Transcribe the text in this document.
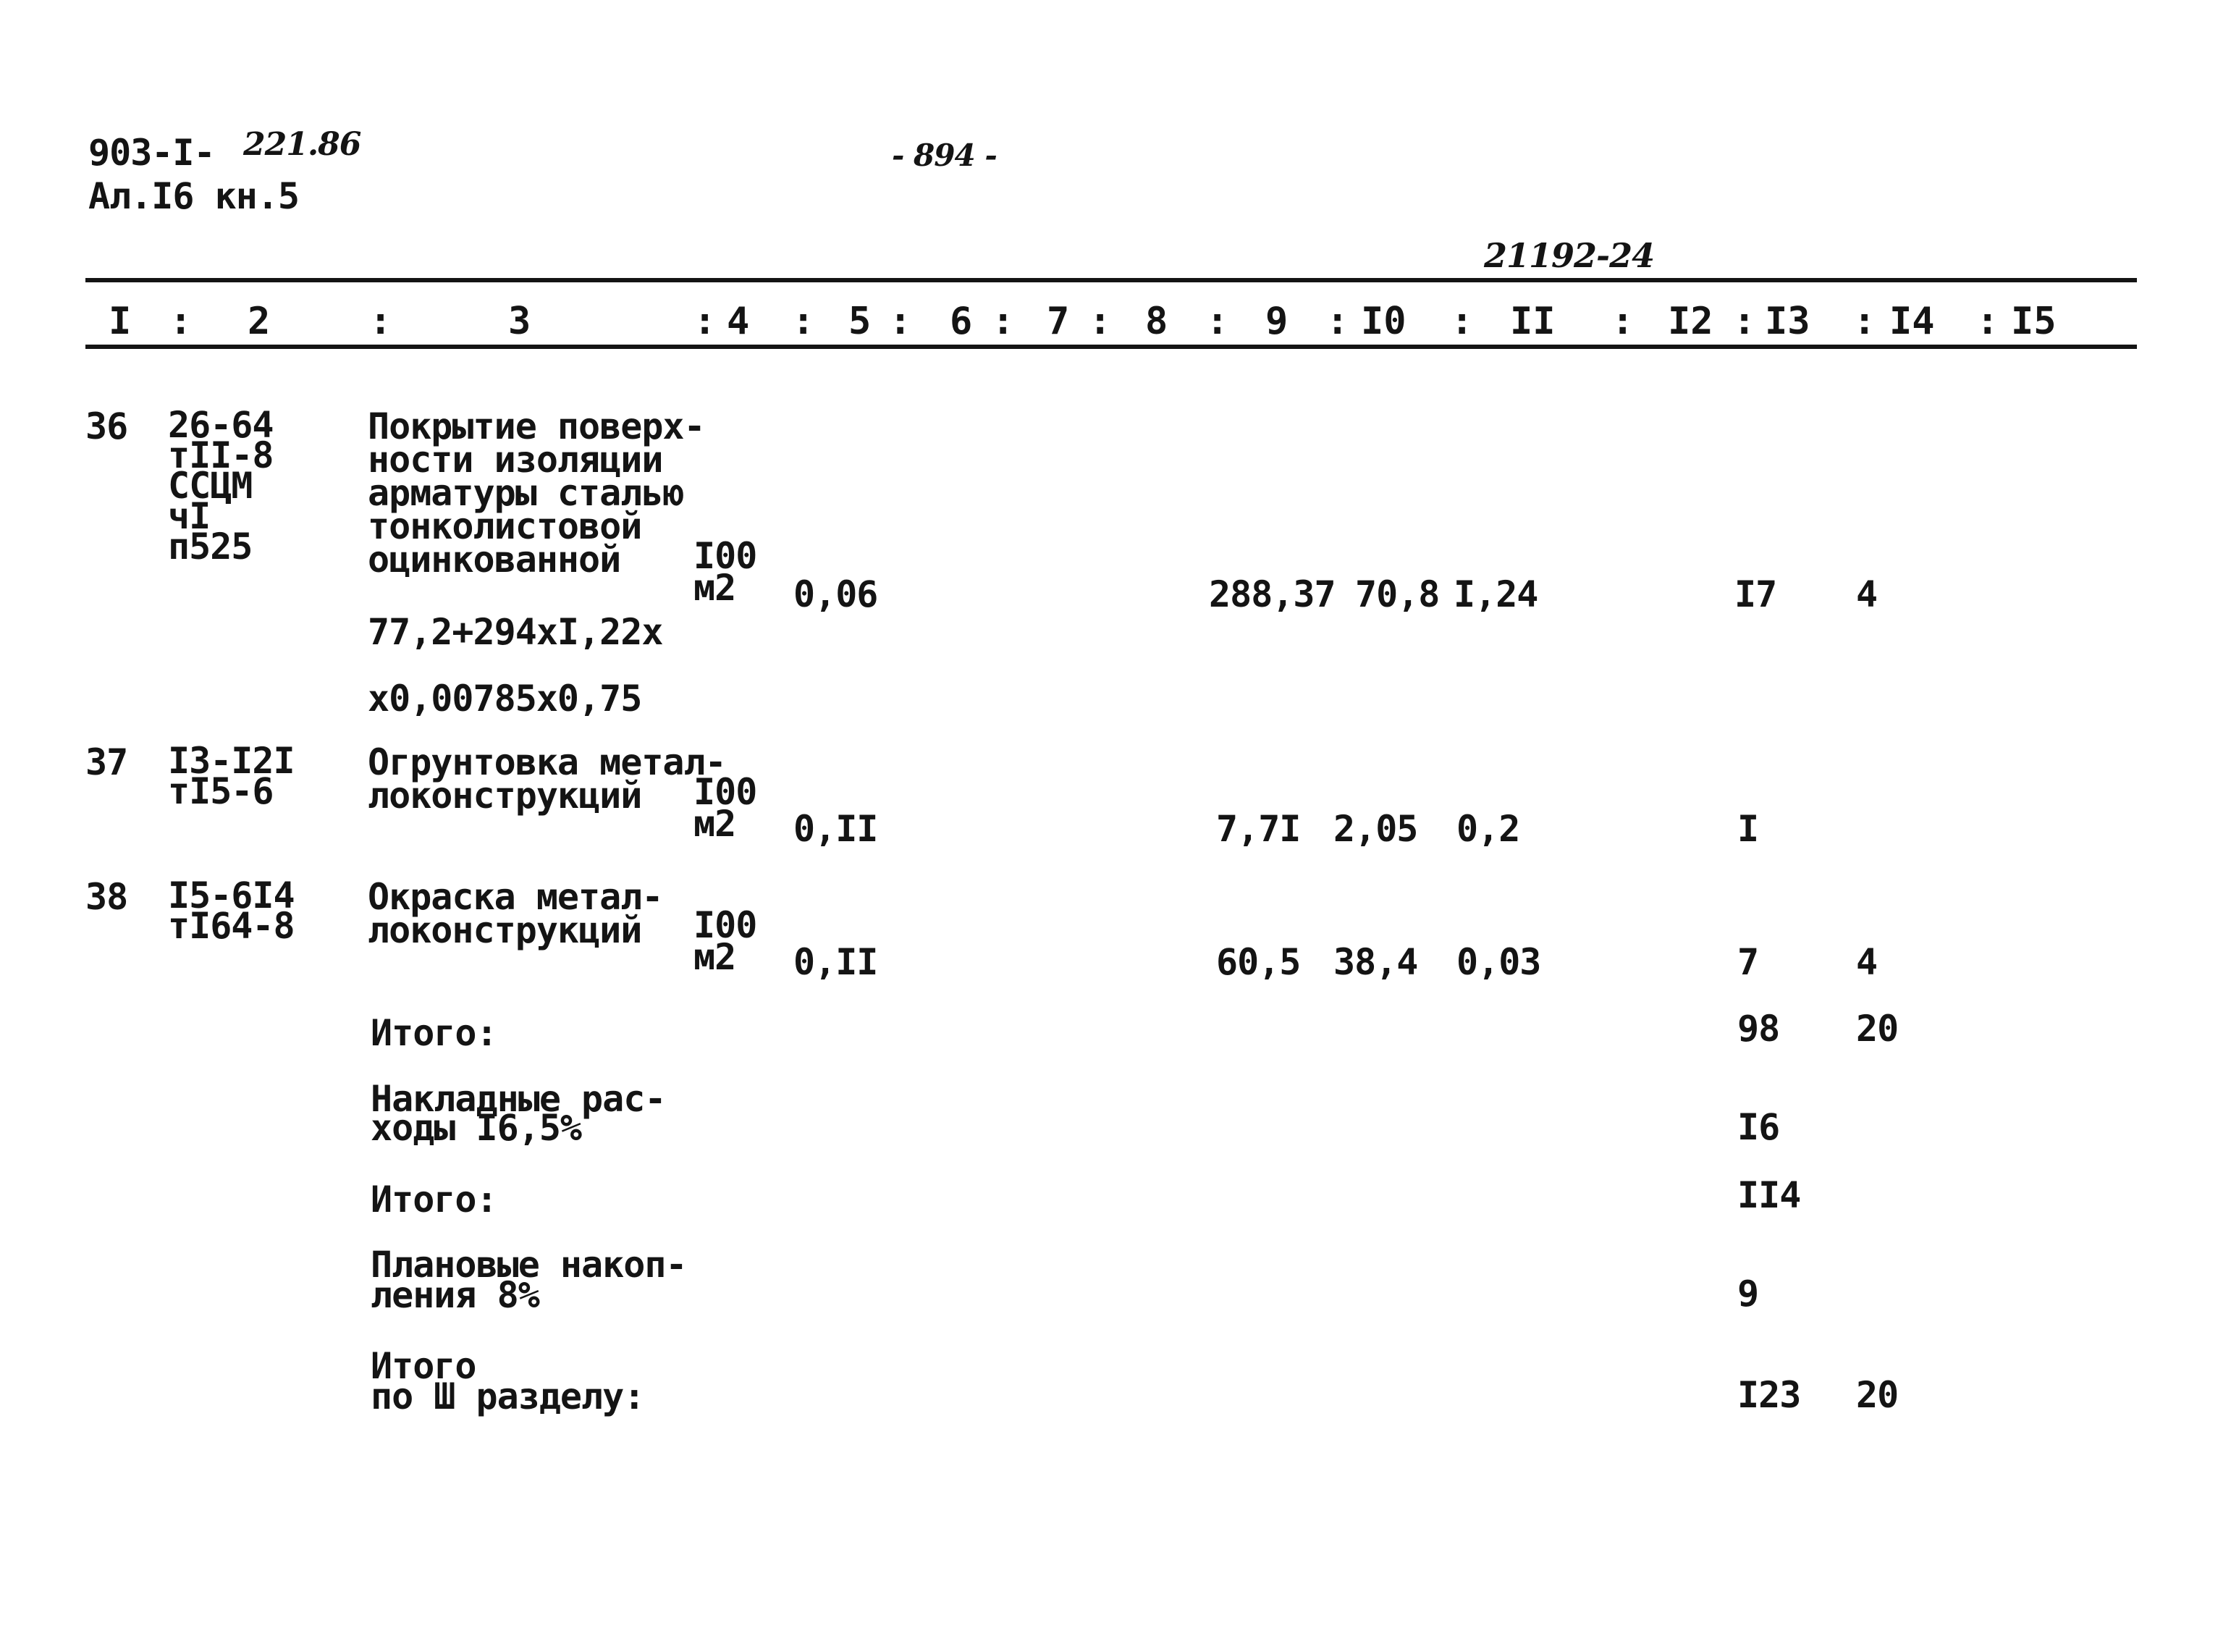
903-I- 221.86
Ал.I6 кн.5
- 894 -
21192-24
I : 2	:	3	: 4 : 5 : 6 : 7 : 8 : 9 : I0 : II : I2 : I3 : I4 : I5
36 26-64
тII-8
ССЦМ
чI
п525
Покрытие поверх-
ности изоляции
арматуры сталью
тонколистовой
оцинкованной	I00
м2	0,06	288,37 70,8 I,24	I7 4
77,2+294хI,22х
х0,00785х0,75
37 I3-I2I
тI5-6
Огрунтовка метал-
локонструкций	I00
м2	0,II	7,7I 2,05 0,2	I
38 I5-6I4
тI64-8
Окраска метал-
локонструкций	I00
м2	0,II	60,5 38,4 0,03	7	4
Итого:	98 20
Накладные рас-
ходы I6,5%	I6
Итого:	II4
Плановые накоп-
ления 8%	9
Итого
по Ш разделу:	I23 20
